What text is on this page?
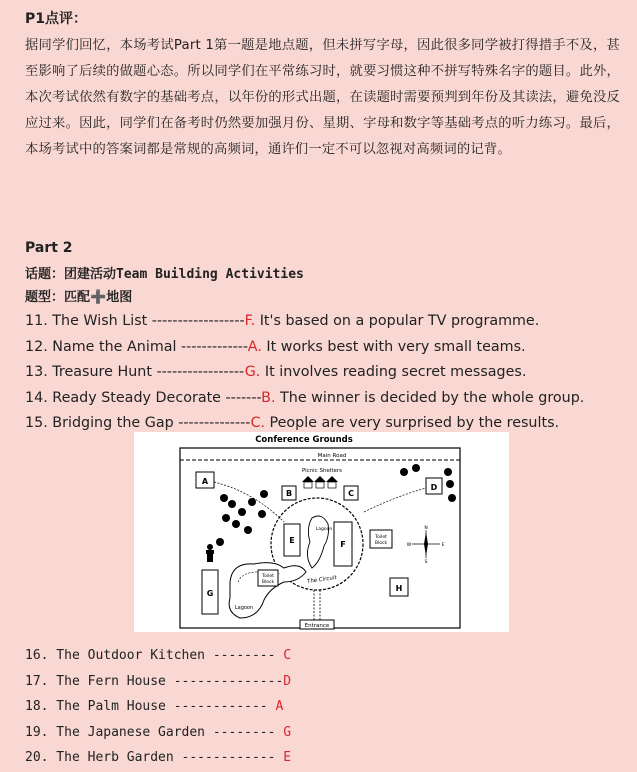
P1点评：
据同学们回忆，本场考试Part 1第一题是地点题，但未拼写字母，因此很多同学被打得措手不及，甚至影响了后续的做题心态。所以同学们在平常练习时，就要习惯这种不拼写特殊名字的题目。此外，本次考试依然有数字的基础考点，以年份的形式出题，在读题时需要预判到年份及其读法，避免没反应过来。因此，同学们在备考时仍然要加强月份、星期、字母和数字等基础考点的听力练习。最后，本场考试中的答案词都是常规的高频词，通许们一定不可以忽视对高频词的记背。
Part 2
话题：团建活动Team Building Activities
题型：匹配➕地图
11. The Wish List ------------------F. It's based on a popular TV programme.
12. Name the Animal -------------A. It works best with very small teams.
13. Treasure Hunt -----------------G. It involves reading secret messages.
14. Ready Steady Decorate -------B. The winner is decided by the whole group.
15. Bridging the Gap --------------C. People are very surprised by the results.
Conference Grounds
Main Road
A
Picnic Shelters
B	C
D
Lagoon
E	F
Toilet
Block
N
S
W	E
H
G
Lagoon
Toilet
Block	The Circuit
Entrance
16. The Outdoor Kitchen -------- C
17. The Fern House --------------D
18. The Palm House ------------ A
19. The Japanese Garden -------- G
20. The Herb Garden ------------ E
